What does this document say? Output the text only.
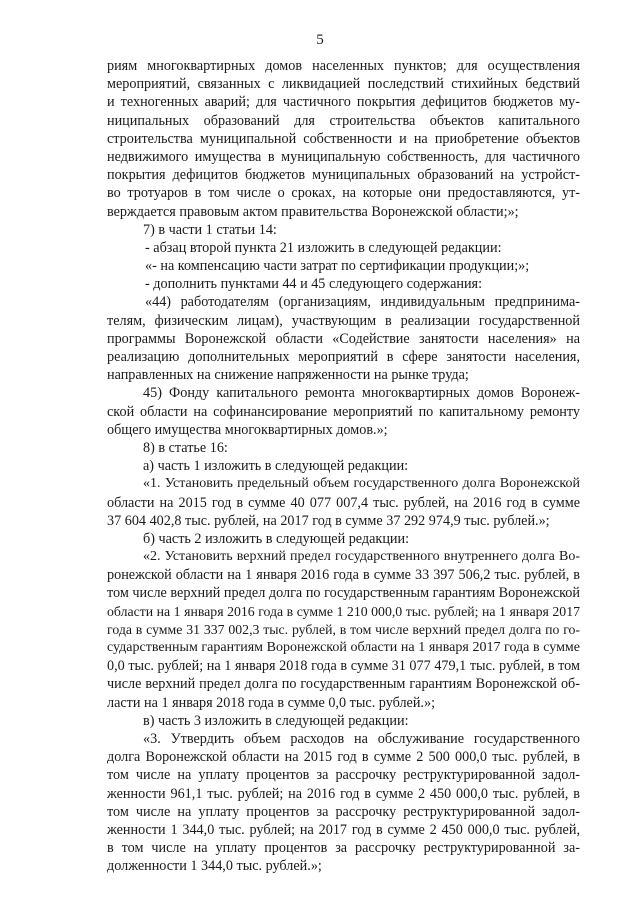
5
риям многоквартирных домов населенных пунктов; для осуществления
мероприятий, связанных с ликвидацией последствий стихийных бедствий
и техногенных аварий; для частичного покрытия дефицитов бюджетов му-
ниципальных образований для строительства объектов капитального
строительства муниципальной собственности и на приобретение объектов
недвижимого имущества в муниципальную собственность, для частичного
покрытия дефицитов бюджетов муниципальных образований на устройст-
во тротуаров в том числе о сроках, на которые они предоставляются, ут-
верждается правовым актом правительства Воронежской области;»;
7) в части 1 статьи 14:
- абзац второй пункта 21 изложить в следующей редакции:
«- на компенсацию части затрат по сертификации продукции;»;
- дополнить пунктами 44 и 45 следующего содержания:
«44) работодателям (организациям, индивидуальным предпринима-
телям, физическим лицам), участвующим в реализации государственной
программы Воронежской области «Содействие занятости населения» на
реализацию дополнительных мероприятий в сфере занятости населения,
направленных на снижение напряженности на рынке труда;
45) Фонду капитального ремонта многоквартирных домов Воронеж-
ской области на софинансирование мероприятий по капитальному ремонту
общего имущества многоквартирных домов.»;
8) в статье 16:
а) часть 1 изложить в следующей редакции:
«1. Установить предельный объем государственного долга Воронежской
области на 2015 год в сумме 40 077 007,4 тыс. рублей, на 2016 год в сумме
37 604 402,8 тыс. рублей, на 2017 год в сумме 37 292 974,9 тыс. рублей.»;
б) часть 2 изложить в следующей редакции:
«2. Установить верхний предел государственного внутреннего долга Во-
ронежской области на 1 января 2016 года в сумме 33 397 506,2 тыс. рублей, в
том числе верхний предел долга по государственным гарантиям Воронежской
области на 1 января 2016 года в сумме 1 210 000,0 тыс. рублей; на 1 января 2017
года в сумме 31 337 002,3 тыс. рублей, в том числе верхний предел долга по го-
сударственным гарантиям Воронежской области на 1 января 2017 года в сумме
0,0 тыс. рублей; на 1 января 2018 года в сумме 31 077 479,1 тыс. рублей, в том
числе верхний предел долга по государственным гарантиям Воронежской об-
ласти на 1 января 2018 года в сумме 0,0 тыс. рублей.»;
в) часть 3 изложить в следующей редакции:
«3. Утвердить объем расходов на обслуживание государственного
долга Воронежской области на 2015 год в сумме 2 500 000,0 тыс. рублей, в
том числе на уплату процентов за рассрочку реструктурированной задол-
женности 961,1 тыс. рублей; на 2016 год в сумме 2 450 000,0 тыс. рублей, в
том числе на уплату процентов за рассрочку реструктурированной задол-
женности 1 344,0 тыс. рублей; на 2017 год в сумме 2 450 000,0 тыс. рублей,
в том числе на уплату процентов за рассрочку реструктурированной за-
долженности 1 344,0 тыс. рублей.»;
